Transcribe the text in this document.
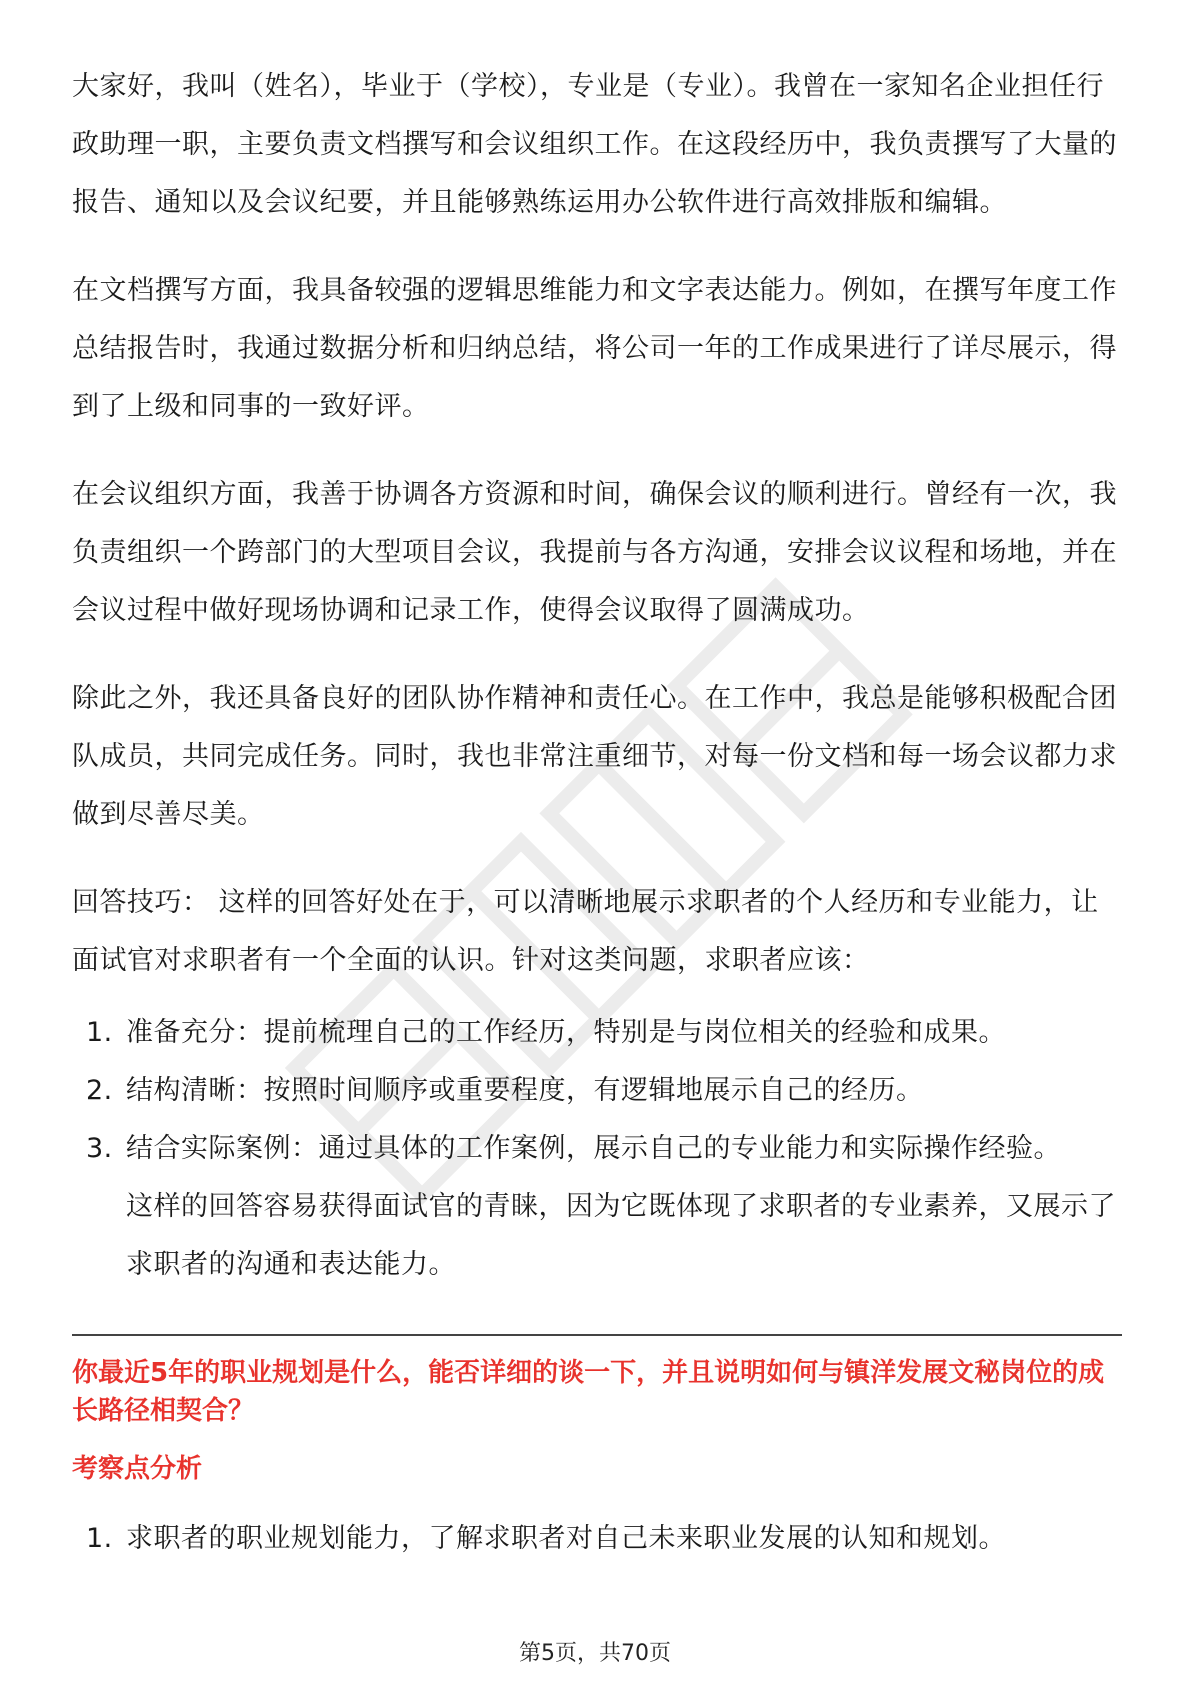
大家好，我叫（姓名），毕业于（学校），专业是（专业）。我曾在一家知名企业担任行政助理一职，主要负责文档撰写和会议组织工作。在这段经历中，我负责撰写了大量的报告、通知以及会议纪要，并且能够熟练运用办公软件进行高效排版和编辑。

在文档撰写方面，我具备较强的逻辑思维能力和文字表达能力。例如，在撰写年度工作总结报告时，我通过数据分析和归纳总结，将公司一年的工作成果进行了详尽展示，得到了上级和同事的一致好评。

在会议组织方面，我善于协调各方资源和时间，确保会议的顺利进行。曾经有一次，我负责组织一个跨部门的大型项目会议，我提前与各方沟通，安排会议议程和场地，并在会议过程中做好现场协调和记录工作，使得会议取得了圆满成功。

除此之外，我还具备良好的团队协作精神和责任心。在工作中，我总是能够积极配合团队成员，共同完成任务。同时，我也非常注重细节，对每一份文档和每一场会议都力求做到尽善尽美。

回答技巧： 这样的回答好处在于，可以清晰地展示求职者的个人经历和专业能力，让面试官对求职者有一个全面的认识。针对这类问题，求职者应该：

1. 准备充分：提前梳理自己的工作经历，特别是与岗位相关的经验和成果。
2. 结构清晰：按照时间顺序或重要程度，有逻辑地展示自己的经历。
3. 结合实际案例：通过具体的工作案例，展示自己的专业能力和实际操作经验。
这样的回答容易获得面试官的青睐，因为它既体现了求职者的专业素养，又展示了求职者的沟通和表达能力。

你最近5年的职业规划是什么，能否详细的谈一下，并且说明如何与镇洋发展文秘岗位的成长路径相契合？

考察点分析

1. 求职者的职业规划能力，了解求职者对自己未来职业发展的认知和规划。
第5页，共70页
